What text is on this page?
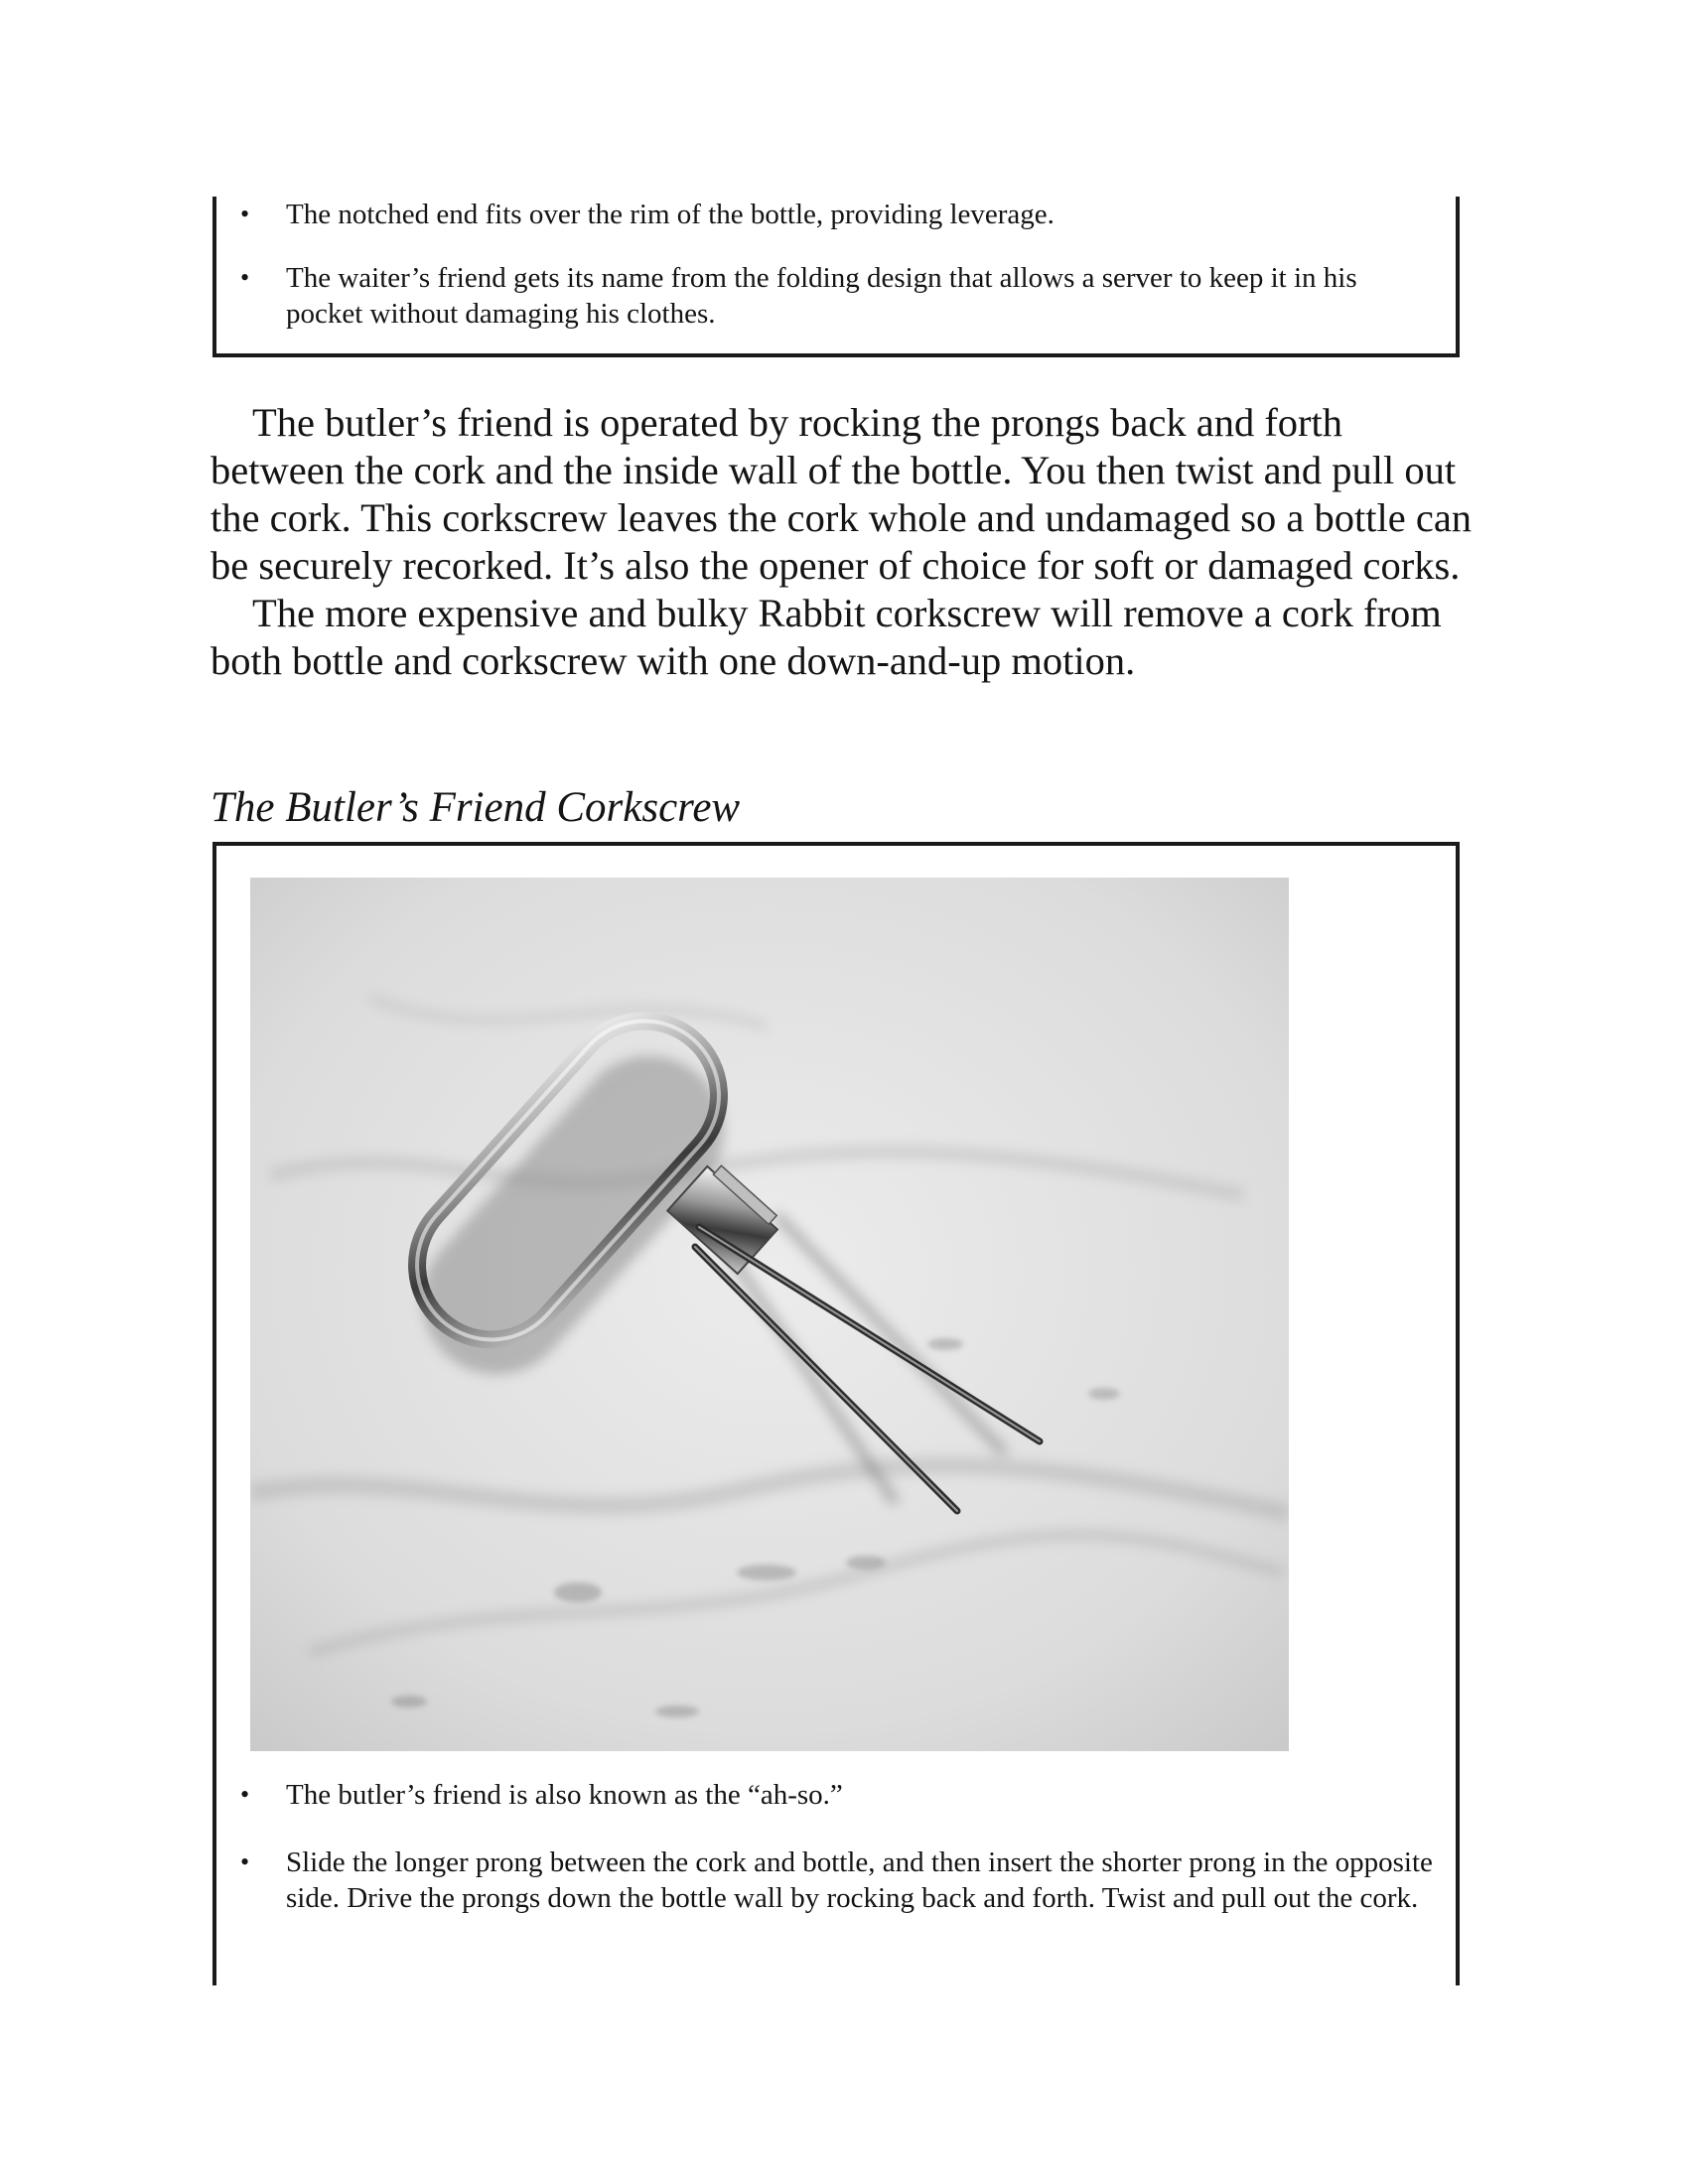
• The notched end fits over the rim of the bottle, providing leverage.
• The waiter’s friend gets its name from the folding design that allows a server to keep it in his pocket without damaging his clothes.

The butler’s friend is operated by rocking the prongs back and forth between the cork and the inside wall of the bottle. You then twist and pull out the cork. This corkscrew leaves the cork whole and undamaged so a bottle can be securely recorked. It’s also the opener of choice for soft or damaged corks.

The more expensive and bulky Rabbit corkscrew will remove a cork from both bottle and corkscrew with one down-and-up motion.

The Butler’s Friend Corkscrew
• The butler’s friend is also known as the “ah-so.”
• Slide the longer prong between the cork and bottle, and then insert the shorter prong in the opposite side. Drive the prongs down the bottle wall by rocking back and forth. Twist and pull out the cork.
